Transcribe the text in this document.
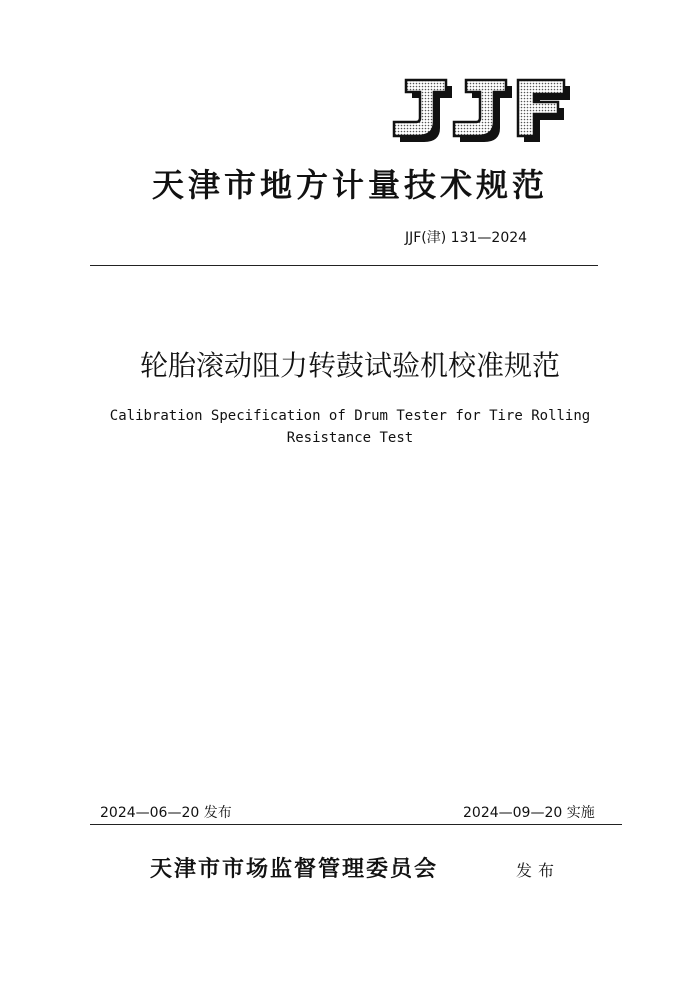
天津市地方计量技术规范
JJF(津) 131—2024
轮胎滚动阻力转鼓试验机校准规范
Calibration Specification of Drum Tester for Tire Rolling Resistance Test
2024—06—20 发布	2024—09—20 实施
天津市市场监督管理委员会	发布
